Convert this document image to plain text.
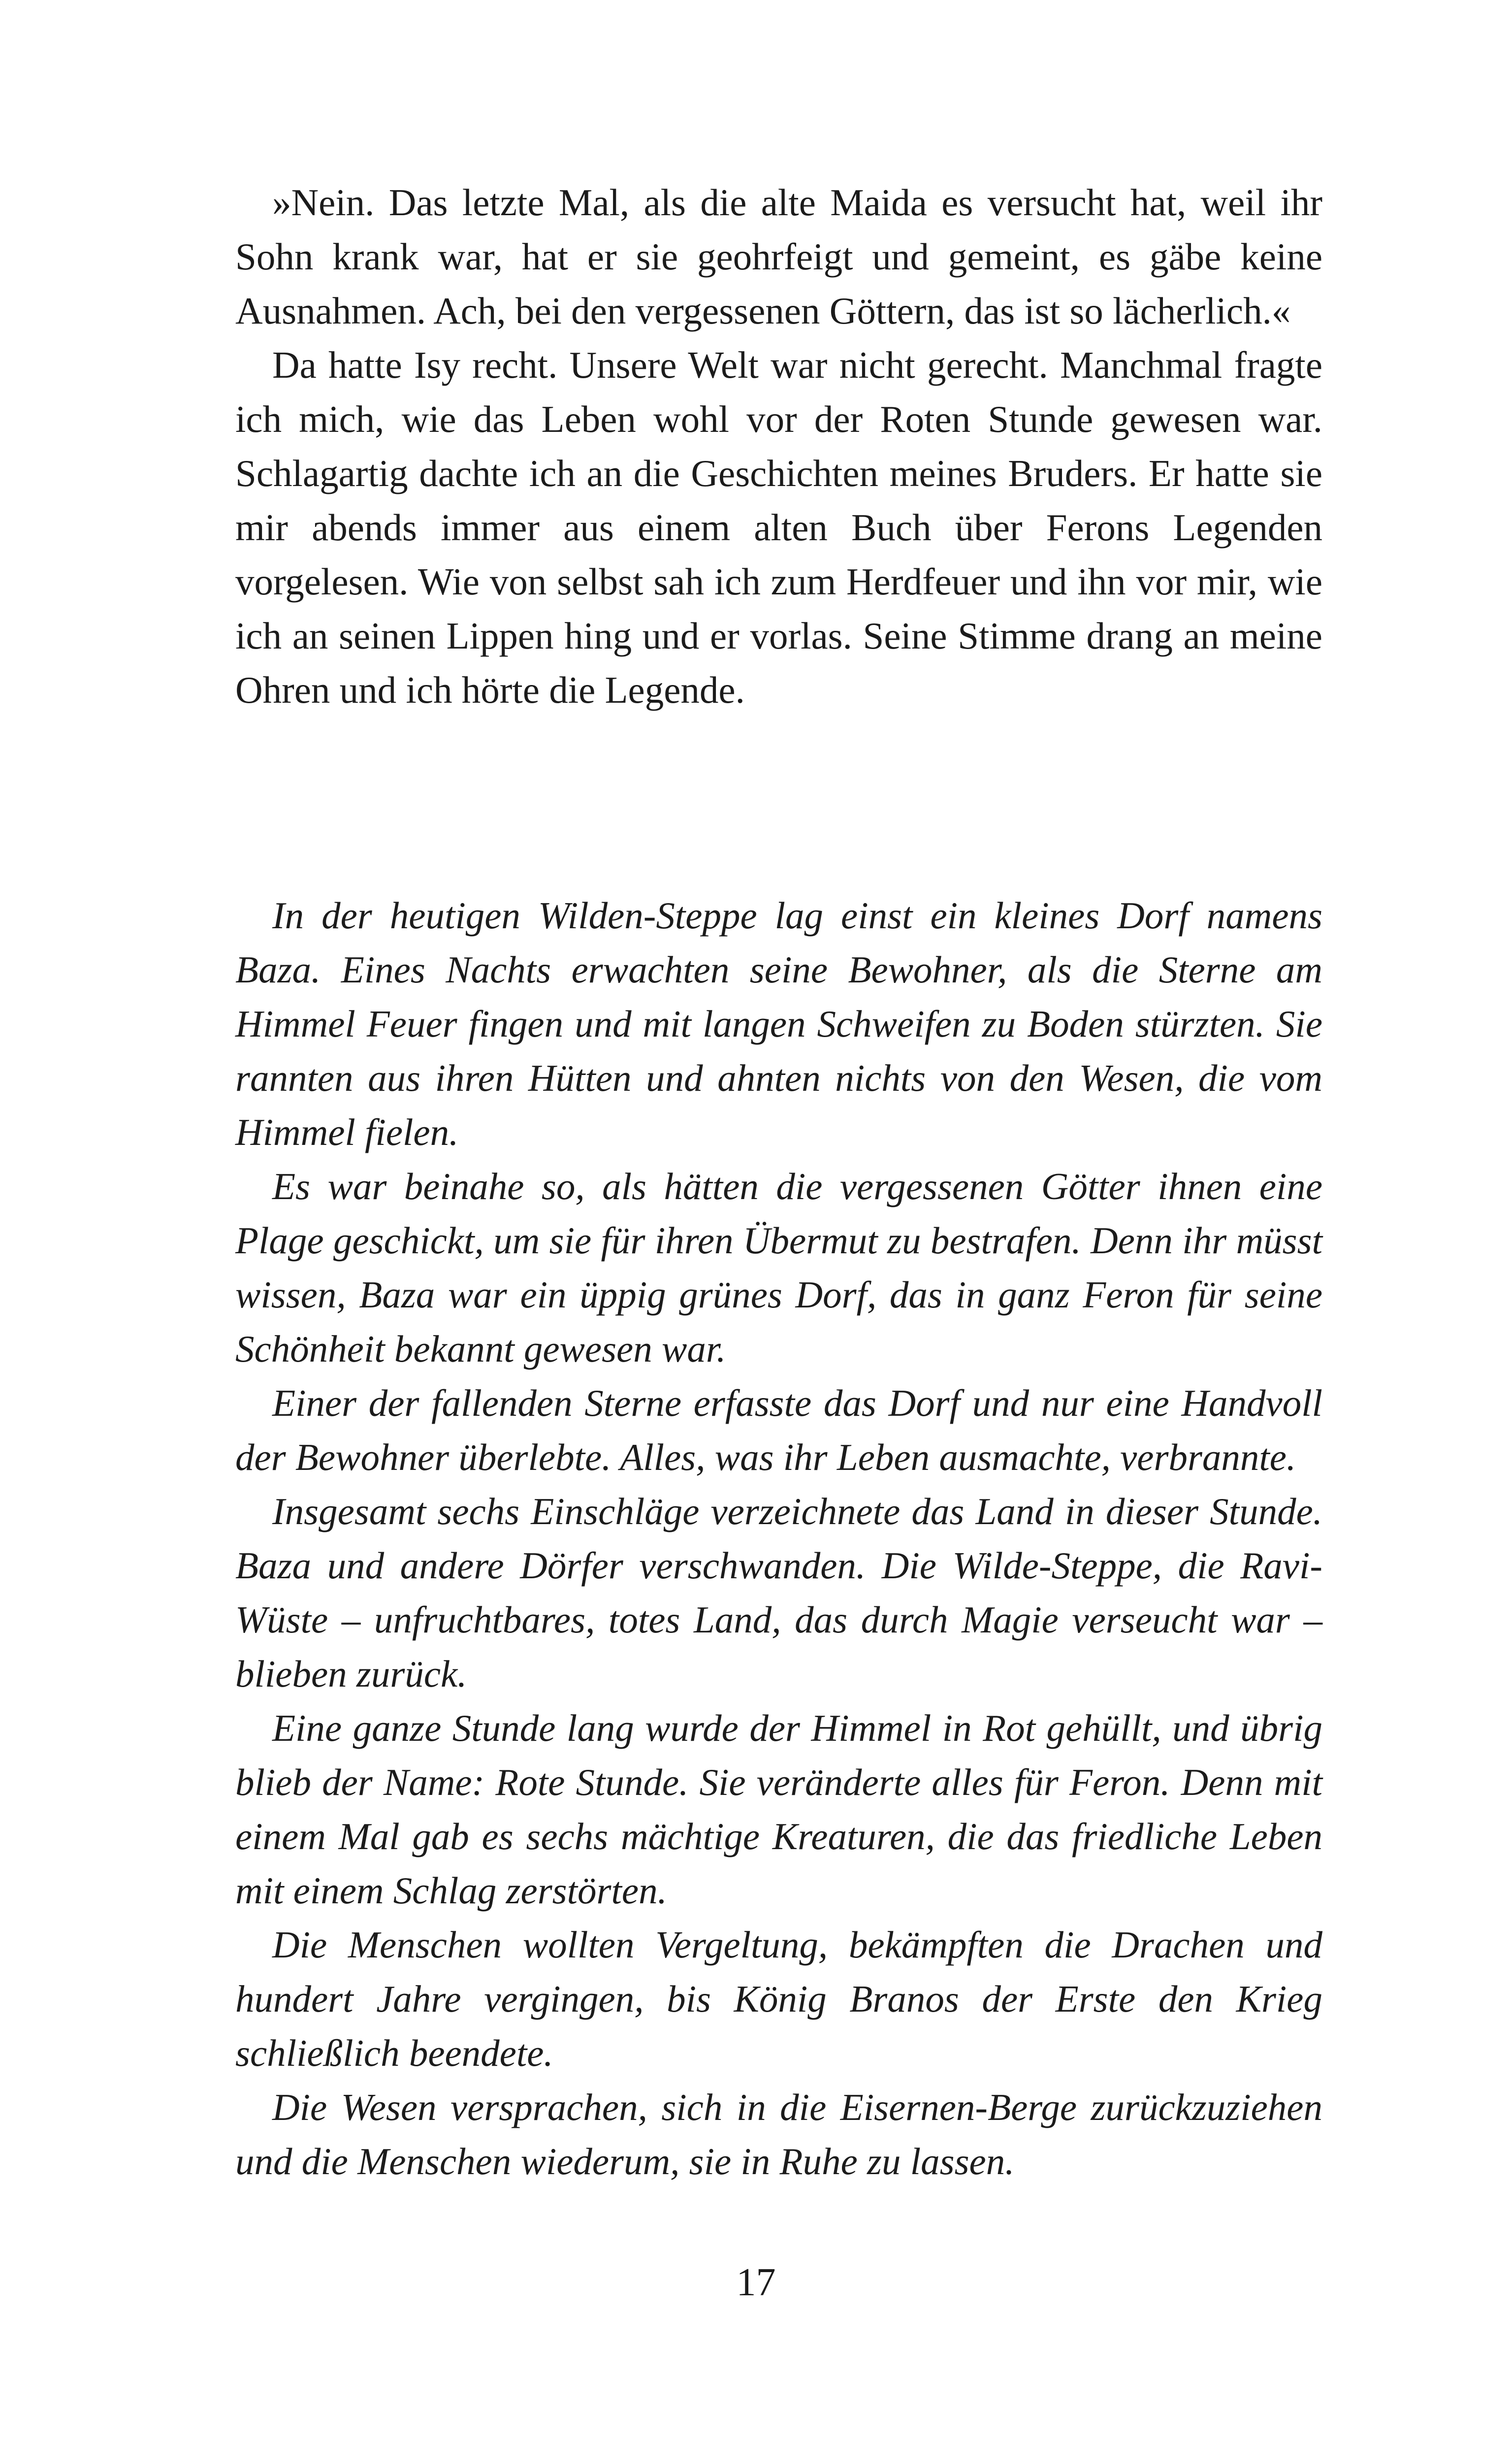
»Nein. Das letzte Mal, als die alte Maida es versucht hat, weil ihr Sohn krank war, hat er sie geohrfeigt und gemeint, es gäbe keine Ausnahmen. Ach, bei den vergessenen Göttern, das ist so lächerlich.«

Da hatte Isy recht. Unsere Welt war nicht gerecht. Manchmal fragte ich mich, wie das Leben wohl vor der Roten Stunde gewesen war. Schlagartig dachte ich an die Geschichten meines Bruders. Er hatte sie mir abends immer aus einem alten Buch über Ferons Legenden vorgelesen. Wie von selbst sah ich zum Herdfeuer und ihn vor mir, wie ich an seinen Lippen hing und er vorlas. Seine Stimme drang an meine Ohren und ich hörte die Legende.

In der heutigen Wilden-Steppe lag einst ein kleines Dorf namens Baza. Eines Nachts erwachten seine Bewohner, als die Sterne am Himmel Feuer fingen und mit langen Schweifen zu Boden stürzten. Sie rannten aus ihren Hütten und ahnten nichts von den Wesen, die vom Himmel fielen.

Es war beinahe so, als hätten die vergessenen Götter ihnen eine Plage geschickt, um sie für ihren Übermut zu bestrafen. Denn ihr müsst wissen, Baza war ein üppig grünes Dorf, das in ganz Feron für seine Schönheit bekannt gewesen war.

Einer der fallenden Sterne erfasste das Dorf und nur eine Handvoll der Bewohner überlebte. Alles, was ihr Leben ausmachte, verbrannte.

Insgesamt sechs Einschläge verzeichnete das Land in dieser Stunde. Baza und andere Dörfer verschwanden. Die Wilde-Steppe, die Ravi-Wüste – unfruchtbares, totes Land, das durch Magie verseucht war – blieben zurück.

Eine ganze Stunde lang wurde der Himmel in Rot gehüllt, und übrig blieb der Name: Rote Stunde. Sie veränderte alles für Feron. Denn mit einem Mal gab es sechs mächtige Kreaturen, die das friedliche Leben mit einem Schlag zerstörten.

Die Menschen wollten Vergeltung, bekämpften die Drachen und hundert Jahre vergingen, bis König Branos der Erste den Krieg schließlich beendete.

Die Wesen versprachen, sich in die Eisernen-Berge zurückzuziehen und die Menschen wiederum, sie in Ruhe zu lassen.

17
